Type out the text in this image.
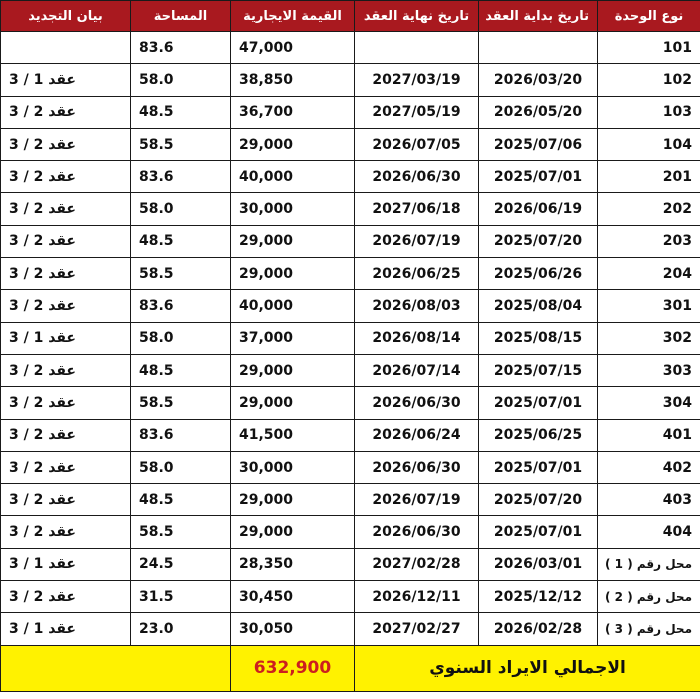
نوع الوحدة	تاريخ بداية العقد	تاريخ نهاية العقد	القيمة الايجارية	المساحة	بيان التجديد
101			47,000	83.6	
102	2026/03/20	2027/03/19	38,850	58.0	عقد 1 / 3
103	2026/05/20	2027/05/19	36,700	48.5	عقد 2 / 3
104	2025/07/06	2026/07/05	29,000	58.5	عقد 2 / 3
201	2025/07/01	2026/06/30	40,000	83.6	عقد 2 / 3
202	2026/06/19	2027/06/18	30,000	58.0	عقد 2 / 3
203	2025/07/20	2026/07/19	29,000	48.5	عقد 2 / 3
204	2025/06/26	2026/06/25	29,000	58.5	عقد 2 / 3
301	2025/08/04	2026/08/03	40,000	83.6	عقد 2 / 3
302	2025/08/15	2026/08/14	37,000	58.0	عقد 1 / 3
303	2025/07/15	2026/07/14	29,000	48.5	عقد 2 / 3
304	2025/07/01	2026/06/30	29,000	58.5	عقد 2 / 3
401	2025/06/25	2026/06/24	41,500	83.6	عقد 2 / 3
402	2025/07/01	2026/06/30	30,000	58.0	عقد 2 / 3
403	2025/07/20	2026/07/19	29,000	48.5	عقد 2 / 3
404	2025/07/01	2026/06/30	29,000	58.5	عقد 2 / 3
محل رقم ( 1 )	2026/03/01	2027/02/28	28,350	24.5	عقد 1 / 3
محل رقم ( 2 )	2025/12/12	2026/12/11	30,450	31.5	عقد 2 / 3
محل رقم ( 3 )	2026/02/28	2027/02/27	30,050	23.0	عقد 1 / 3
الاجمالي الايراد السنوي			632,900		
